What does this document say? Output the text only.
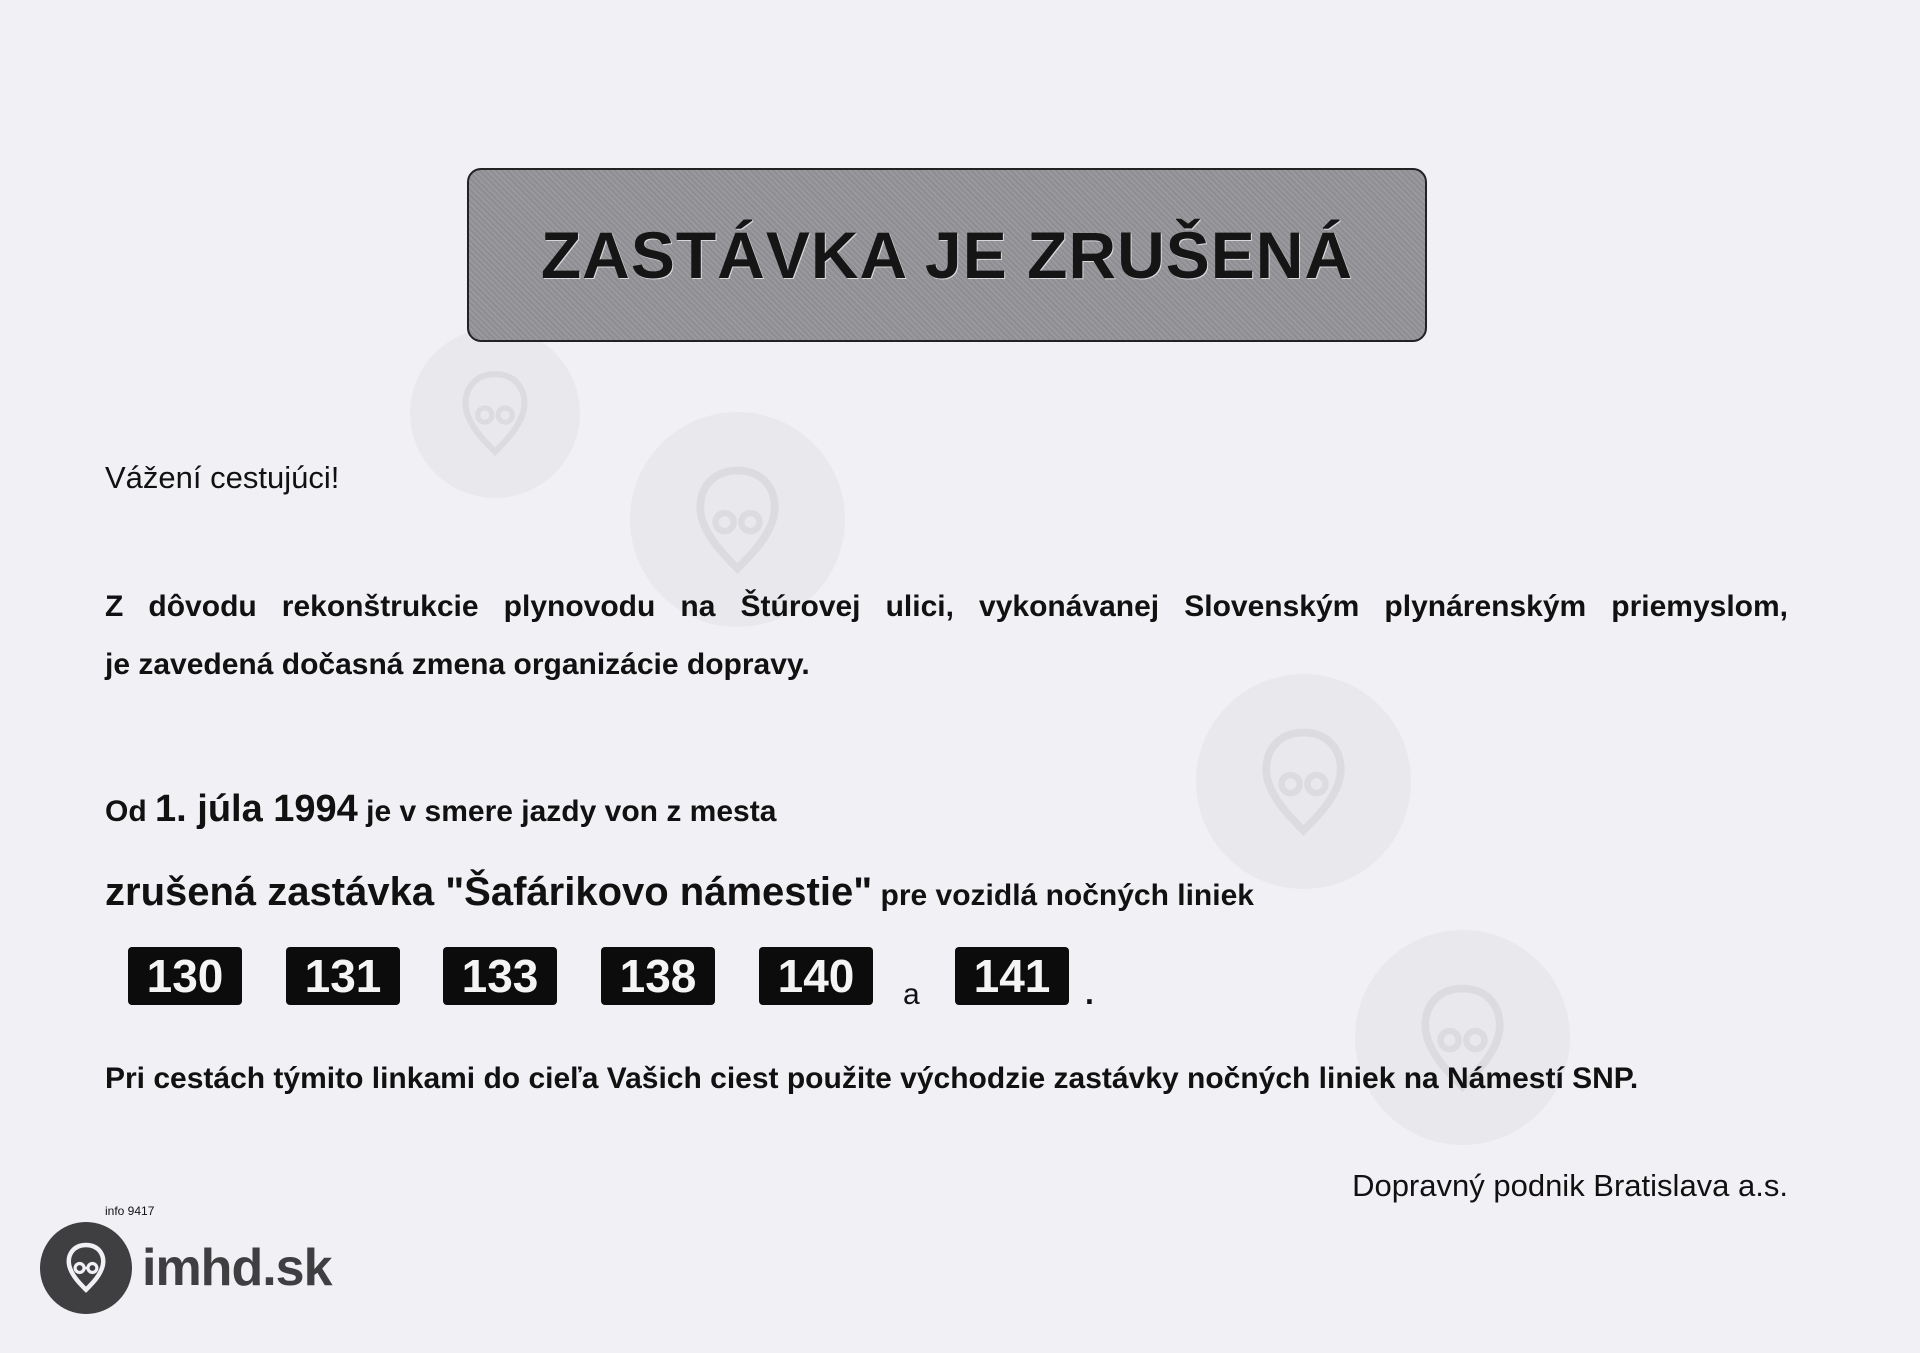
ZASTÁVKA JE ZRUŠENÁ
Vážení cestujúci!
Z dôvodu rekonštrukcie plynovodu na Štúrovej ulici, vykonávanej Slovenským plynárenským priemyslom,
je zavedená dočasná zmena organizácie dopravy.
Od 1. júla 1994 je v smere jazdy von z mesta
zrušená zastávka "Šafárikovo námestie" pre vozidlá nočných liniek
130	131	133	138	140	a	141	.
Pri cestách týmito linkami do cieľa Vašich ciest použite východzie zastávky nočných liniek na Námestí SNP.
Dopravný podnik Bratislava a.s.
info 9417
imhd.sk
